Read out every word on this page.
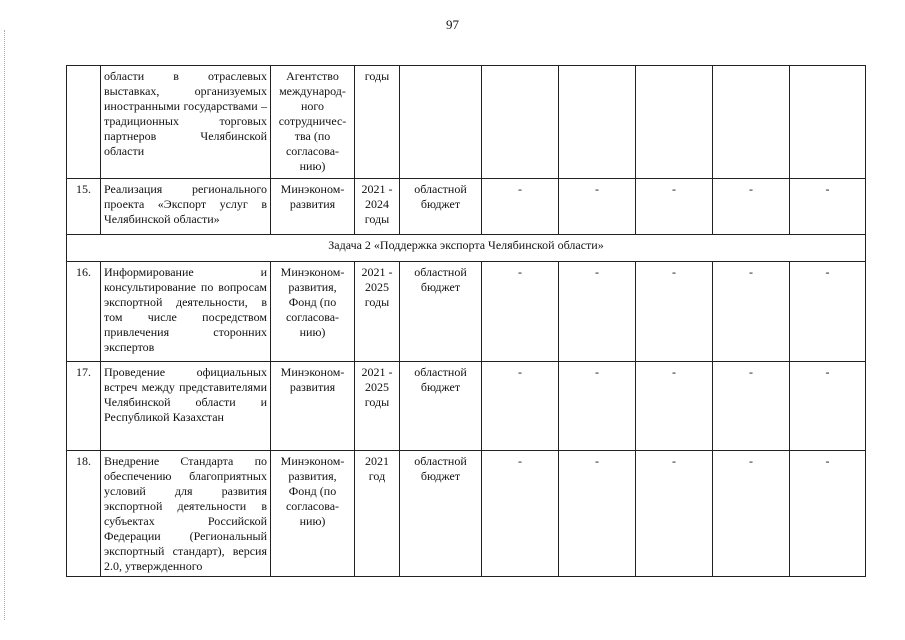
97
	области в отраслевых выставках, организуемых иностранными государствами – традиционных торговых партнеров Челябинской области	Агентство международ-ного сотрудничес-тва (по согласова-нию)	годы						
15.	Реализация регионального проекта «Экспорт услуг в Челябинской области»	Минэконом-развития	2021 - 2024 годы	областной бюджет	-	-	-	-	-
Задача 2 «Поддержка экспорта Челябинской области»									
16.	Информирование и консультирование по вопросам экспортной деятельности, в том числе посредством привлечения сторонних экспертов	Минэконом-развития, Фонд (по согласова-нию)	2021 - 2025 годы	областной бюджет	-	-	-	-	-
17.	Проведение официальных встреч между представителями Челябинской области и Республикой Казахстан	Минэконом-развития	2021 - 2025 годы	областной бюджет	-	-	-	-	-
18.	Внедрение Стандарта по обеспечению благоприятных условий для развития экспортной деятельности в субъектах Российской Федерации (Региональный экспортный стандарт), версия 2.0, утвержденного	Минэконом-развития, Фонд (по согласова-нию)	2021 год	областной бюджет	-	-	-	-	-
